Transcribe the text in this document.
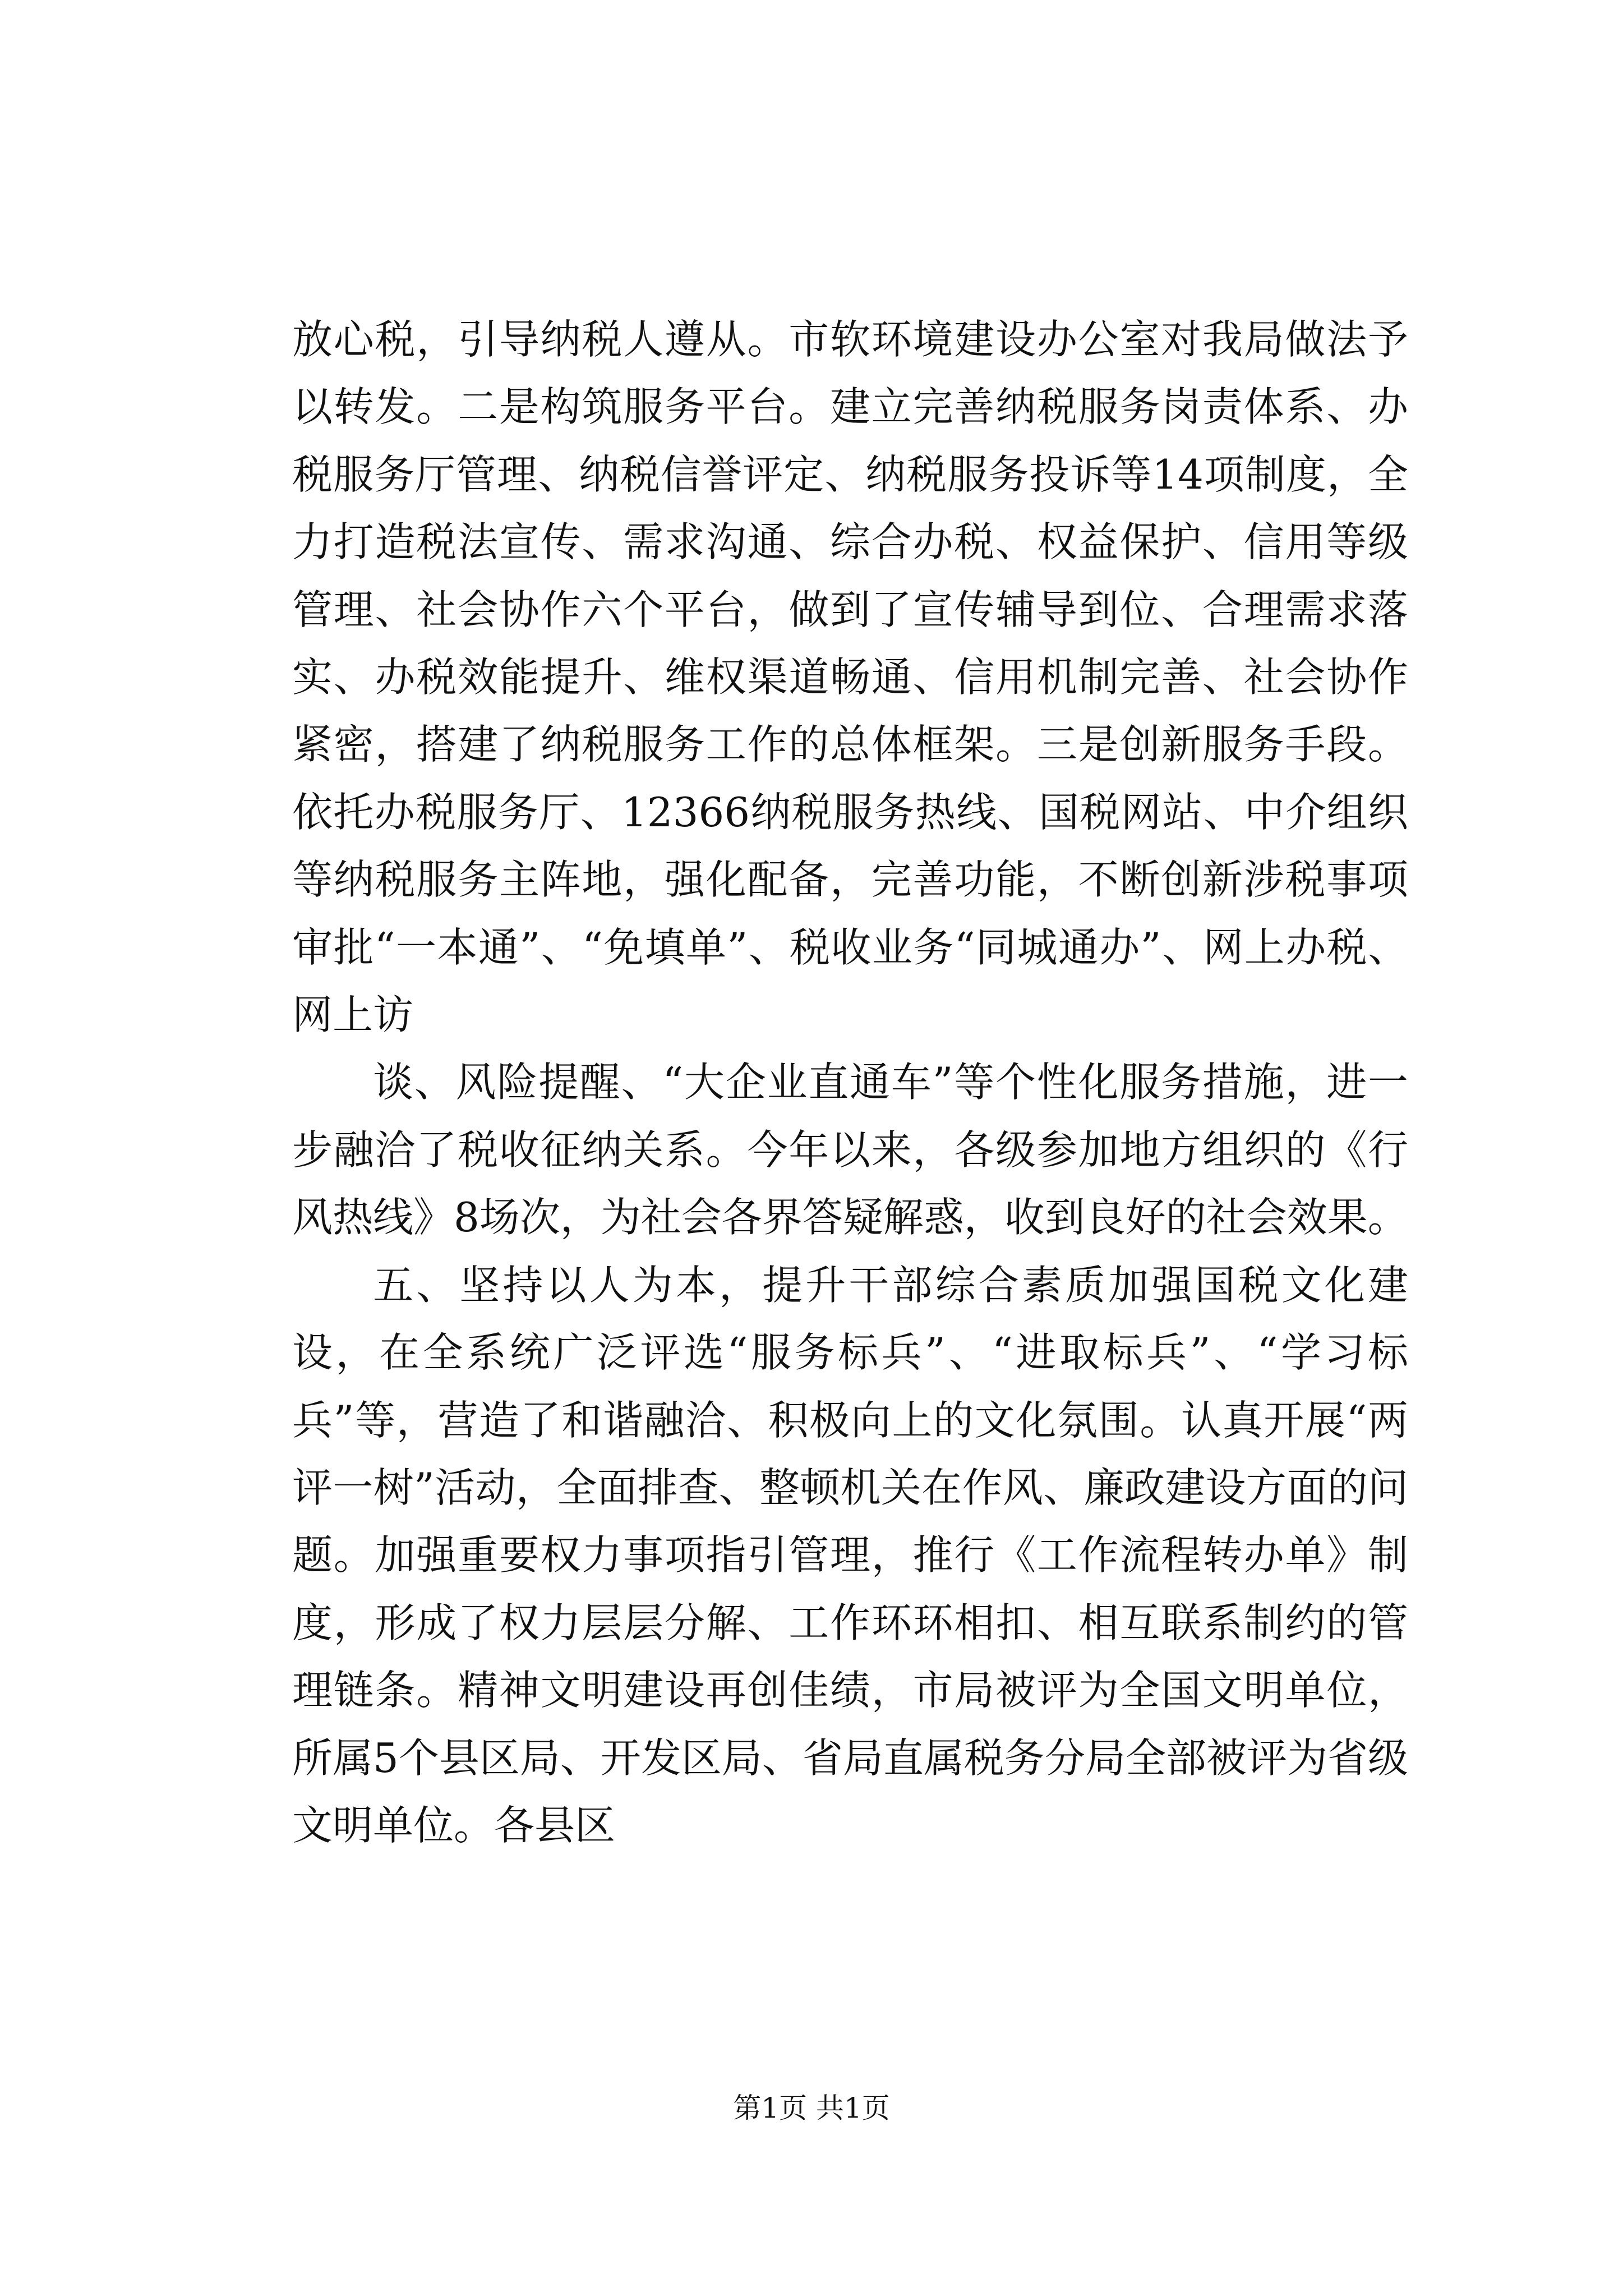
放心税，引导纳税人遵从。市软环境建设办公室对我局做法予以转发。二是构筑服务平台。建立完善纳税服务岗责体系、办税服务厅管理、纳税信誉评定、纳税服务投诉等14项制度，全力打造税法宣传、需求沟通、综合办税、权益保护、信用等级管理、社会协作六个平台，做到了宣传辅导到位、合理需求落实、办税效能提升、维权渠道畅通、信用机制完善、社会协作紧密，搭建了纳税服务工作的总体框架。三是创新服务手段。依托办税服务厅、12366纳税服务热线、国税网站、中介组织等纳税服务主阵地，强化配备，完善功能，不断创新涉税事项审批“一本通”、“免填单”、税收业务“同城通办”、网上办税、网上访

谈、风险提醒、“大企业直通车”等个性化服务措施，进一步融洽了税收征纳关系。今年以来，各级参加地方组织的《行风热线》8场次，为社会各界答疑解惑，收到良好的社会效果。

五、坚持以人为本，提升干部综合素质加强国税文化建设，在全系统广泛评选“服务标兵”、“进取标兵”、“学习标兵”等，营造了和谐融洽、积极向上的文化氛围。认真开展“两评一树”活动，全面排查、整顿机关在作风、廉政建设方面的问题。加强重要权力事项指引管理，推行《工作流程转办单》制度，形成了权力层层分解、工作环环相扣、相互联系制约的管理链条。精神文明建设再创佳绩，市局被评为全国文明单位，所属5个县区局、开发区局、省局直属税务分局全部被评为省级文明单位。各县区

第1页 共1页
